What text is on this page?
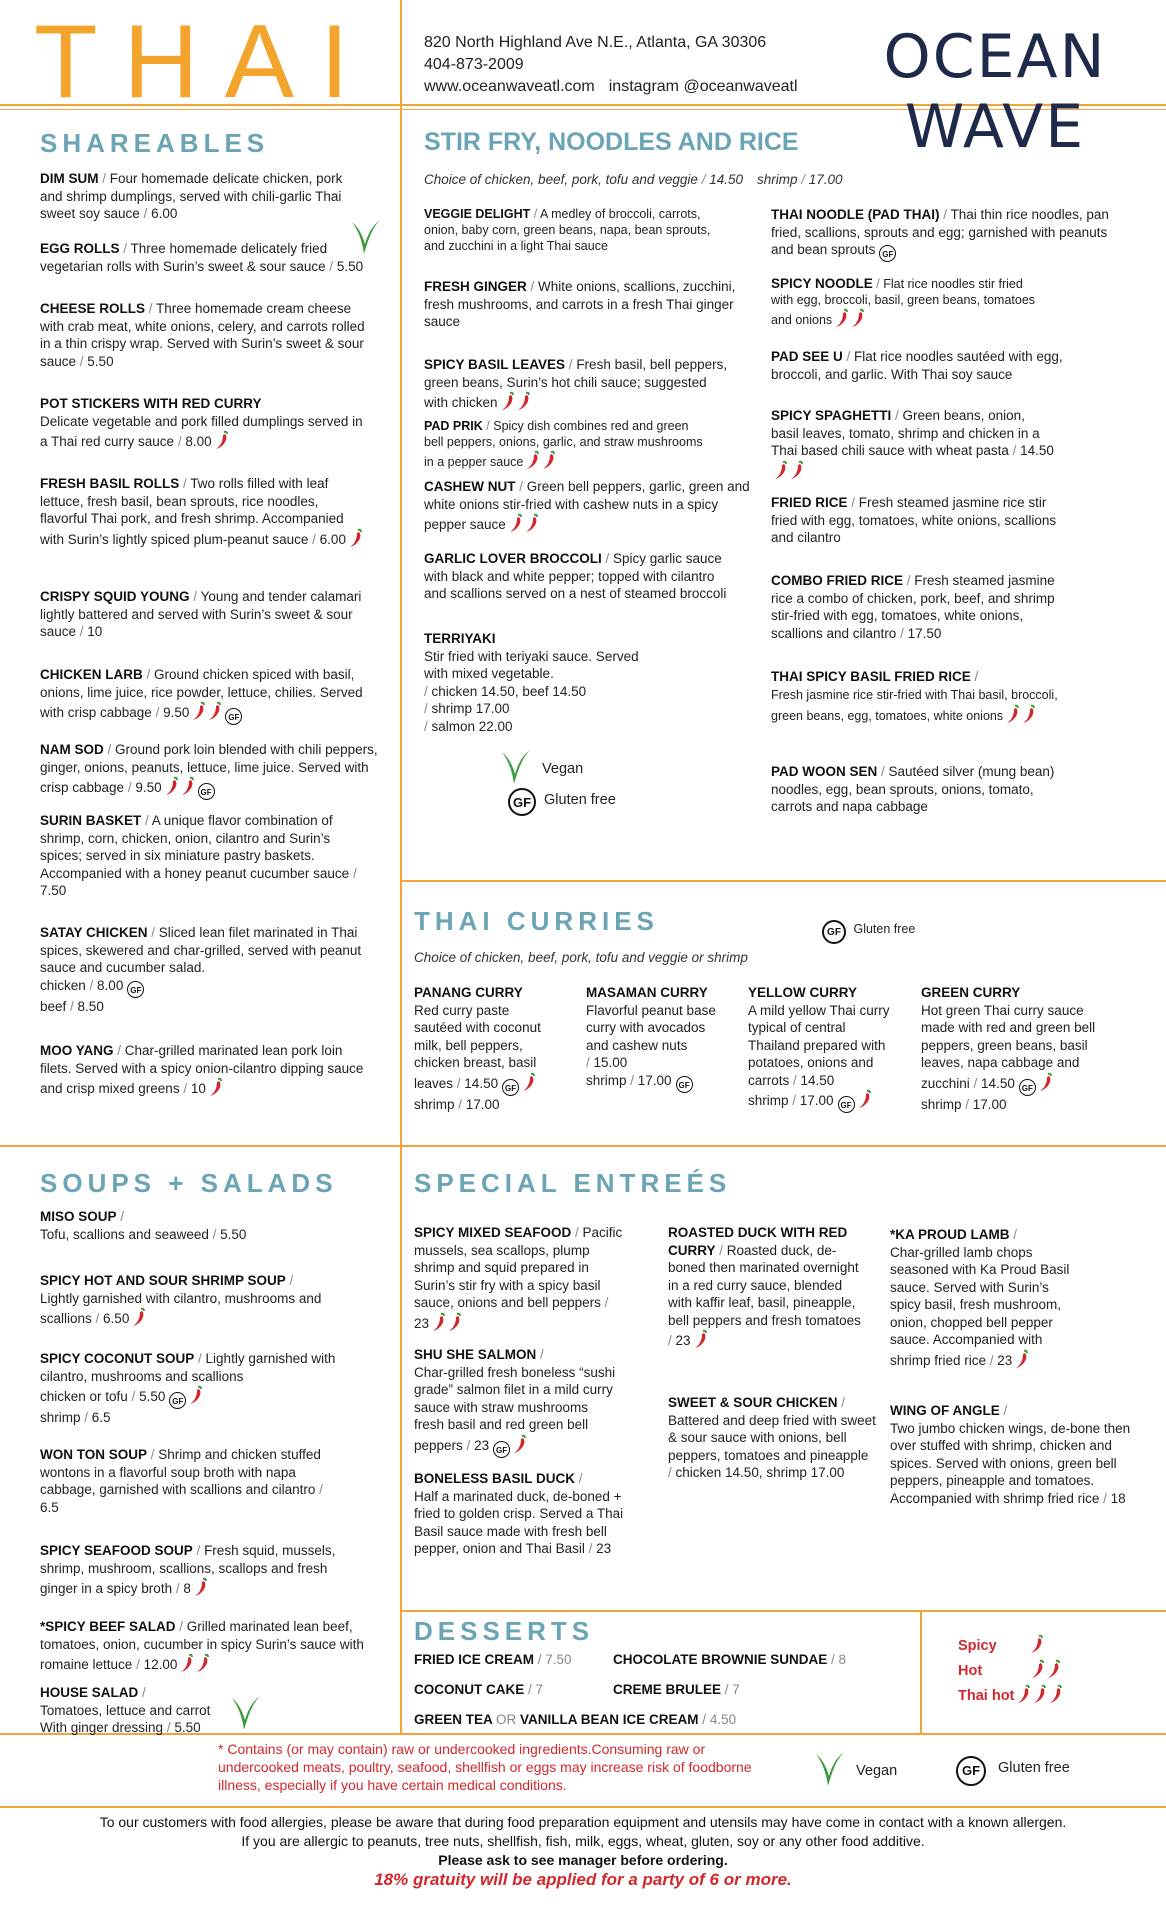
THAI	820 North Highland Ave N.E., Atlanta, GA 30306
404-873-2009
www.oceanwaveatl.com instagram @oceanwaveatl	OCEAN
WAVE
SHAREABLES
DIM SUM / Four homemade delicate chicken, pork and shrimp dumplings, served with chili-garlic Thai sweet soy sauce / 6.00
EGG ROLLS / Three homemade delicately fried vegetarian rolls with Surin’s sweet & sour sauce / 5.50
CHEESE ROLLS / Three homemade cream cheese with crab meat, white onions, celery, and carrots rolled in a thin crispy wrap. Served with Surin’s sweet & sour sauce / 5.50
POT STICKERS WITH RED CURRY
Delicate vegetable and pork filled dumplings served in a Thai red curry sauce / 8.00
FRESH BASIL ROLLS / Two rolls filled with leaf lettuce, fresh basil, bean sprouts, rice noodles, flavorful Thai pork, and fresh shrimp. Accompanied with Surin’s lightly spiced plum-peanut sauce / 6.00
CRISPY SQUID YOUNG / Young and tender calamari lightly battered and served with Surin’s sweet & sour sauce / 10
CHICKEN LARB / Ground chicken spiced with basil, onions, lime juice, rice powder, lettuce, chilies. Served with crisp cabbage / 9.50	GF
NAM SOD / Ground pork loin blended with chili peppers, ginger, onions, peanuts, lettuce, lime juice. Served with crisp cabbage / 9.50	GF
SURIN BASKET / A unique flavor combination of shrimp, corn, chicken, onion, cilantro and Surin’s spices; served in six miniature pastry baskets. Accompanied with a honey peanut cucumber sauce / 7.50
SATAY CHICKEN / Sliced lean filet marinated in Thai spices, skewered and char-grilled, served with peanut sauce and cucumber salad.
chicken / 8.00 GF
beef / 8.50
MOO YANG / Char-grilled marinated lean pork loin filets. Served with a spicy onion-cilantro dipping sauce and crisp mixed greens / 10
STIR FRY, NOODLES AND RICE
Choice of chicken, beef, pork, tofu and veggie / 14.50 shrimp / 17.00
VEGGIE DELIGHT / A medley of broccoli, carrots, onion, baby corn, green beans, napa, bean sprouts, and zucchini in a light Thai sauce
FRESH GINGER / White onions, scallions, zucchini, fresh mushrooms, and carrots in a fresh Thai ginger sauce
SPICY BASIL LEAVES / Fresh basil, bell peppers, green beans, Surin’s hot chili sauce; suggested with chicken
PAD PRIK / Spicy dish combines red and green bell peppers, onions, garlic, and straw mushrooms in a pepper sauce
CASHEW NUT / Green bell peppers, garlic, green and white onions stir-fried with cashew nuts in a spicy pepper sauce
GARLIC LOVER BROCCOLI / Spicy garlic sauce with black and white pepper; topped with cilantro and scallions served on a nest of steamed broccoli
TERRIYAKI
Stir fried with teriyaki sauce. Served with mixed vegetable.
/ chicken 14.50, beef 14.50
/ shrimp 17.00
/ salmon 22.00
Vegan
GF Gluten free
THAI NOODLE (PAD THAI) / Thai thin rice noodles, pan fried, scallions, sprouts and egg; garnished with peanuts and bean sprouts GF
SPICY NOODLE / Flat rice noodles stir fried with egg, broccoli, basil, green beans, tomatoes and onions
PAD SEE U / Flat rice noodles sautéed with egg, broccoli, and garlic. With Thai soy sauce
SPICY SPAGHETTI / Green beans, onion, basil leaves, tomato, shrimp and chicken in a Thai based chili sauce with wheat pasta / 14.50
FRIED RICE / Fresh steamed jasmine rice stir fried with egg, tomatoes, white onions, scallions and cilantro
COMBO FRIED RICE / Fresh steamed jasmine rice a combo of chicken, pork, beef, and shrimp stir-fried with egg, tomatoes, white onions, scallions and cilantro / 17.50
THAI SPICY BASIL FRIED RICE /
Fresh jasmine rice stir-fried with Thai basil, broccoli, green beans, egg, tomatoes, white onions
PAD WOON SEN / Sautéed silver (mung bean) noodles, egg, bean sprouts, onions, tomato, carrots and napa cabbage
THAI CURRIES	GF Gluten free
Choice of chicken, beef, pork, tofu and veggie or shrimp
PANANG CURRY
Red curry paste sautéed with coconut milk, bell peppers, chicken breast, basil leaves / 14.50 GF

shrimp / 17.00
MASAMAN CURRY
Flavorful peanut base curry with avocados and cashew nuts
/ 15.00
shrimp / 17.00 GF
YELLOW CURRY
A mild yellow Thai curry typical of central Thailand prepared with potatoes, onions and carrots / 14.50
shrimp / 17.00 GF
GREEN CURRY
Hot green Thai curry sauce made with red and green bell peppers, green beans, basil leaves, napa cabbage and zucchini / 14.50 GF

shrimp / 17.00
SOUPS + SALADS
MISO SOUP /
Tofu, scallions and seaweed / 5.50
SPICY HOT AND SOUR SHRIMP SOUP /
Lightly garnished with cilantro, mushrooms and scallions / 6.50
SPICY COCONUT SOUP / Lightly garnished with cilantro, mushrooms and scallions
chicken or tofu / 5.50 GF

shrimp / 6.5
WON TON SOUP / Shrimp and chicken stuffed wontons in a flavorful soup broth with napa cabbage, garnished with scallions and cilantro / 6.5
SPICY SEAFOOD SOUP / Fresh squid, mussels, shrimp, mushroom, scallions, scallops and fresh ginger in a spicy broth / 8
*SPICY BEEF SALAD / Grilled marinated lean beef, tomatoes, onion, cucumber in spicy Surin’s sauce with romaine lettuce / 12.00
HOUSE SALAD /
Tomatoes, lettuce and carrot With ginger dressing / 5.50
SPECIAL ENTREÉS
SPICY MIXED SEAFOOD / Pacific mussels, sea scallops, plump shrimp and squid prepared in Surin’s stir fry with a spicy basil sauce, onions and bell peppers / 23
SHU SHE SALMON /
Char-grilled fresh boneless “sushi grade” salmon filet in a mild curry sauce with straw mushrooms fresh basil and red green bell peppers / 23 GF
BONELESS BASIL DUCK /
Half a marinated duck, de-boned + fried to golden crisp. Served a Thai Basil sauce made with fresh bell pepper, onion and Thai Basil / 23
ROASTED DUCK WITH RED CURRY / Roasted duck, de-boned then marinated overnight in a red curry sauce, blended with kaffir leaf, basil, pineapple, bell peppers and fresh tomatoes / 23
SWEET & SOUR CHICKEN /
Battered and deep fried with sweet & sour sauce with onions, bell peppers, tomatoes and pineapple
/ chicken 14.50, shrimp 17.00
*KA PROUD LAMB /
Char-grilled lamb chops seasoned with Ka Proud Basil sauce. Served with Surin’s spicy basil, fresh mushroom, onion, chopped bell pepper sauce. Accompanied with shrimp fried rice / 23
WING OF ANGLE /
Two jumbo chicken wings, de-bone then over stuffed with shrimp, chicken and spices. Served with onions, green bell peppers, pineapple and tomatoes. Accompanied with shrimp fried rice / 18
DESSERTS
FRIED ICE CREAM / 7.50	CHOCOLATE BROWNIE SUNDAE / 8
COCONUT CAKE / 7	CREME BRULEE / 7
GREEN TEA OR VANILLA BEAN ICE CREAM / 4.50
Spicy
Hot
Thai hot
* Contains (or may contain) raw or undercooked ingredients.Consuming raw or undercooked meats, poultry, seafood, shellfish or eggs may increase risk of foodborne illness, especially if you have certain medical conditions.
Vegan	GF Gluten free
To our customers with food allergies, please be aware that during food preparation equipment and utensils may have come in contact with a known allergen.
If you are allergic to peanuts, tree nuts, shellfish, fish, milk, eggs, wheat, gluten, soy or any other food additive.
Please ask to see manager before ordering.
18% gratuity will be applied for a party of 6 or more.
